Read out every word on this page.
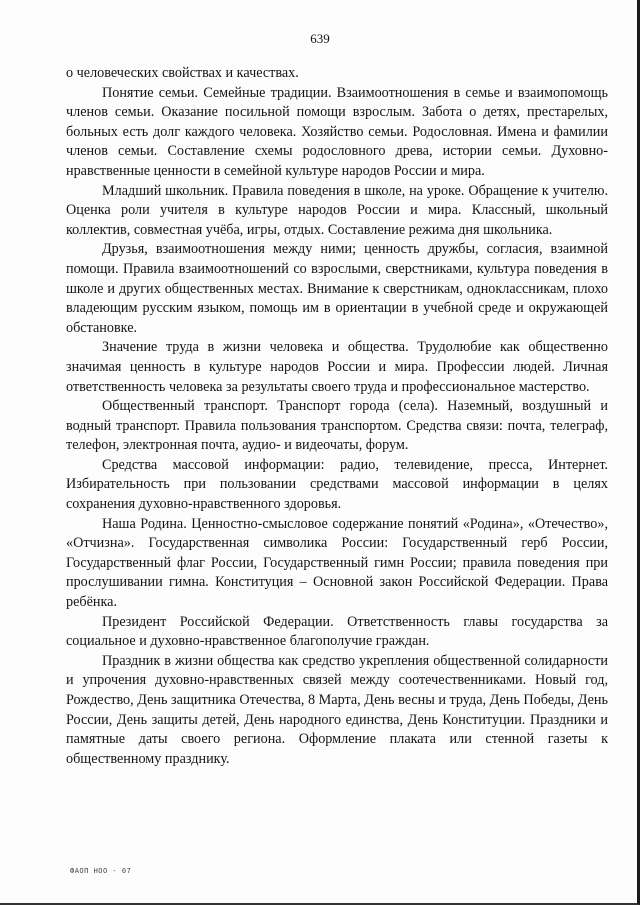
639

о человеческих свойствах и качествах.

Понятие семьи. Семейные традиции. Взаимоотношения в семье и взаимопомощь членов семьи. Оказание посильной помощи взрослым. Забота о детях, престарелых, больных есть долг каждого человека. Хозяйство семьи. Родословная. Имена и фамилии членов семьи. Составление схемы родословного древа, истории семьи. Духовно-нравственные ценности в семейной культуре народов России и мира.

Младший школьник. Правила поведения в школе, на уроке. Обращение к учителю. Оценка роли учителя в культуре народов России и мира. Классный, школьный коллектив, совместная учёба, игры, отдых. Составление режима дня школьника.

Друзья, взаимоотношения между ними; ценность дружбы, согласия, взаимной помощи. Правила взаимоотношений со взрослыми, сверстниками, культура поведения в школе и других общественных местах. Внимание к сверстникам, одноклассникам, плохо владеющим русским языком, помощь им в ориентации в учебной среде и окружающей обстановке.

Значение труда в жизни человека и общества. Трудолюбие как общественно значимая ценность в культуре народов России и мира. Профессии людей. Личная ответственность человека за результаты своего труда и профессиональное мастерство.

Общественный транспорт. Транспорт города (села). Наземный, воздушный и водный транспорт. Правила пользования транспортом. Средства связи: почта, телеграф, телефон, электронная почта, аудио- и видеочаты, форум.

Средства массовой информации: радио, телевидение, пресса, Интернет. Избирательность при пользовании средствами массовой информации в целях сохранения духовно-нравственного здоровья.

Наша Родина. Ценностно-смысловое содержание понятий «Родина», «Отечество», «Отчизна». Государственная символика России: Государственный герб России, Государственный флаг России, Государственный гимн России; правила поведения при прослушивании гимна. Конституция – Основной закон Российской Федерации. Права ребёнка.

Президент Российской Федерации. Ответственность главы государства за социальное и духовно-нравственное благополучие граждан.

Праздник в жизни общества как средство укрепления общественной солидарности и упрочения духовно-нравственных связей между соотечественниками. Новый год, Рождество, День защитника Отечества, 8 Марта, День весны и труда, День Победы, День России, День защиты детей, День народного единства, День Конституции. Праздники и памятные даты своего региона. Оформление плаката или стенной газеты к общественному празднику.

ФАОП НОО - 07
